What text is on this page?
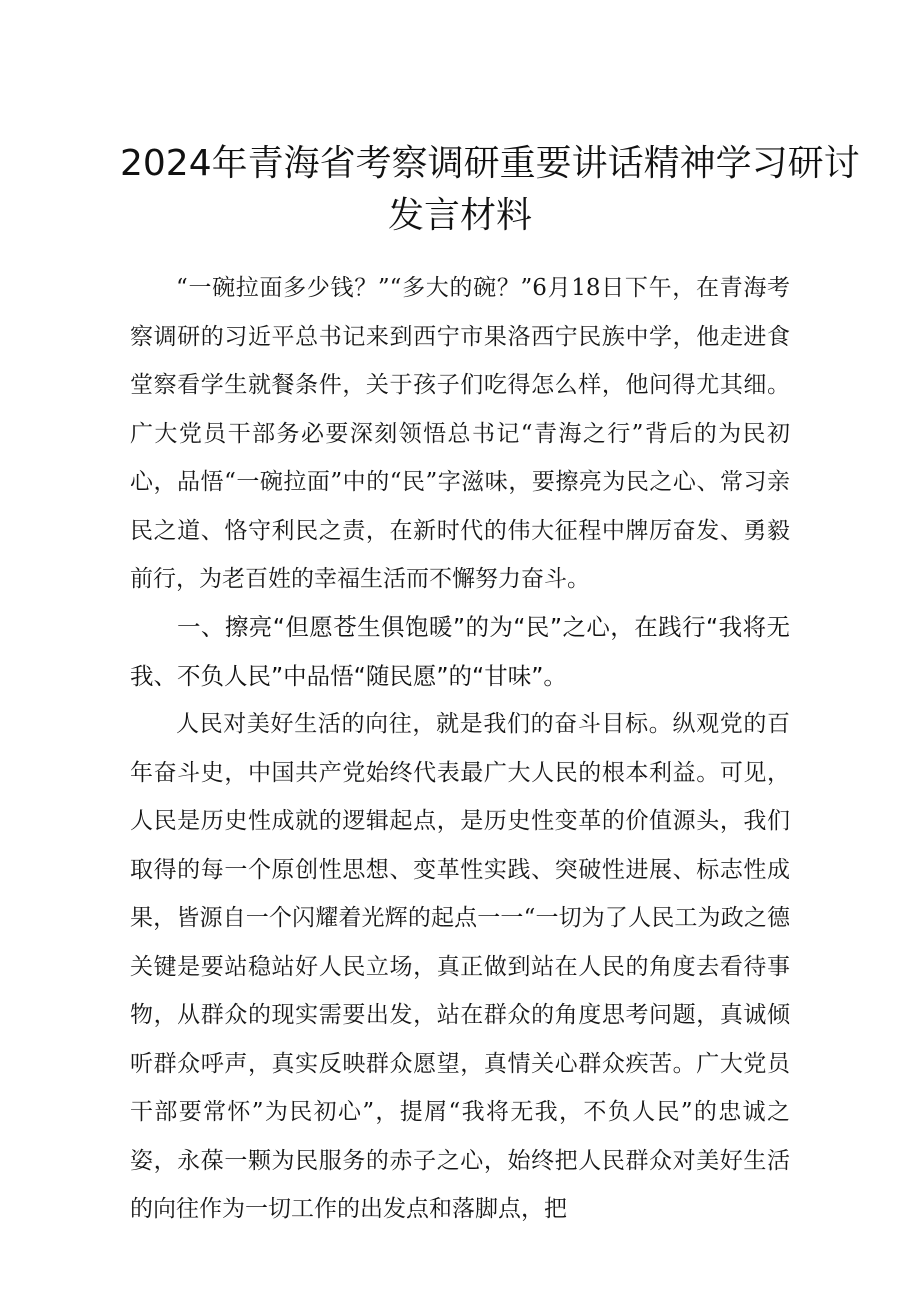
2024年青海省考察调研重要讲话精神学习研讨
发言材料

“一碗拉面多少钱？”“多大的碗？”6月18日下午，在青海考察调研的习近平总书记来到西宁市果洛西宁民族中学，他走进食堂察看学生就餐条件，关于孩子们吃得怎么样，他问得尤其细。广大党员干部务必要深刻领悟总书记“青海之行”背后的为民初心，品悟“一碗拉面”中的“民”字滋味，要擦亮为民之心、常习亲民之道、恪守利民之责，在新时代的伟大征程中牌厉奋发、勇毅前行，为老百姓的幸福生活而不懈努力奋斗。

一、擦亮“但愿苍生俱饱暖”的为“民”之心，在践行“我将无我、不负人民”中品悟“随民愿”的“甘味”。

人民对美好生活的向往，就是我们的奋斗目标。纵观党的百年奋斗史，中国共产党始终代表最广大人民的根本利益。可见，人民是历史性成就的逻辑起点，是历史性变革的价值源头，我们取得的每一个原创性思想、变革性实践、突破性进展、标志性成果，皆源自一个闪耀着光辉的起点一一“一切为了人民工为政之德关键是要站稳站好人民立场，真正做到站在人民的角度去看待事物，从群众的现实需要出发，站在群众的角度思考问题，真诚倾听群众呼声，真实反映群众愿望，真情关心群众疾苦。广大党员干部要常怀”为民初心”，提屑“我将无我，不负人民”的忠诚之姿，永葆一颗为民服务的赤子之心，始终把人民群众对美好生活的向往作为一切工作的出发点和落脚点，把
